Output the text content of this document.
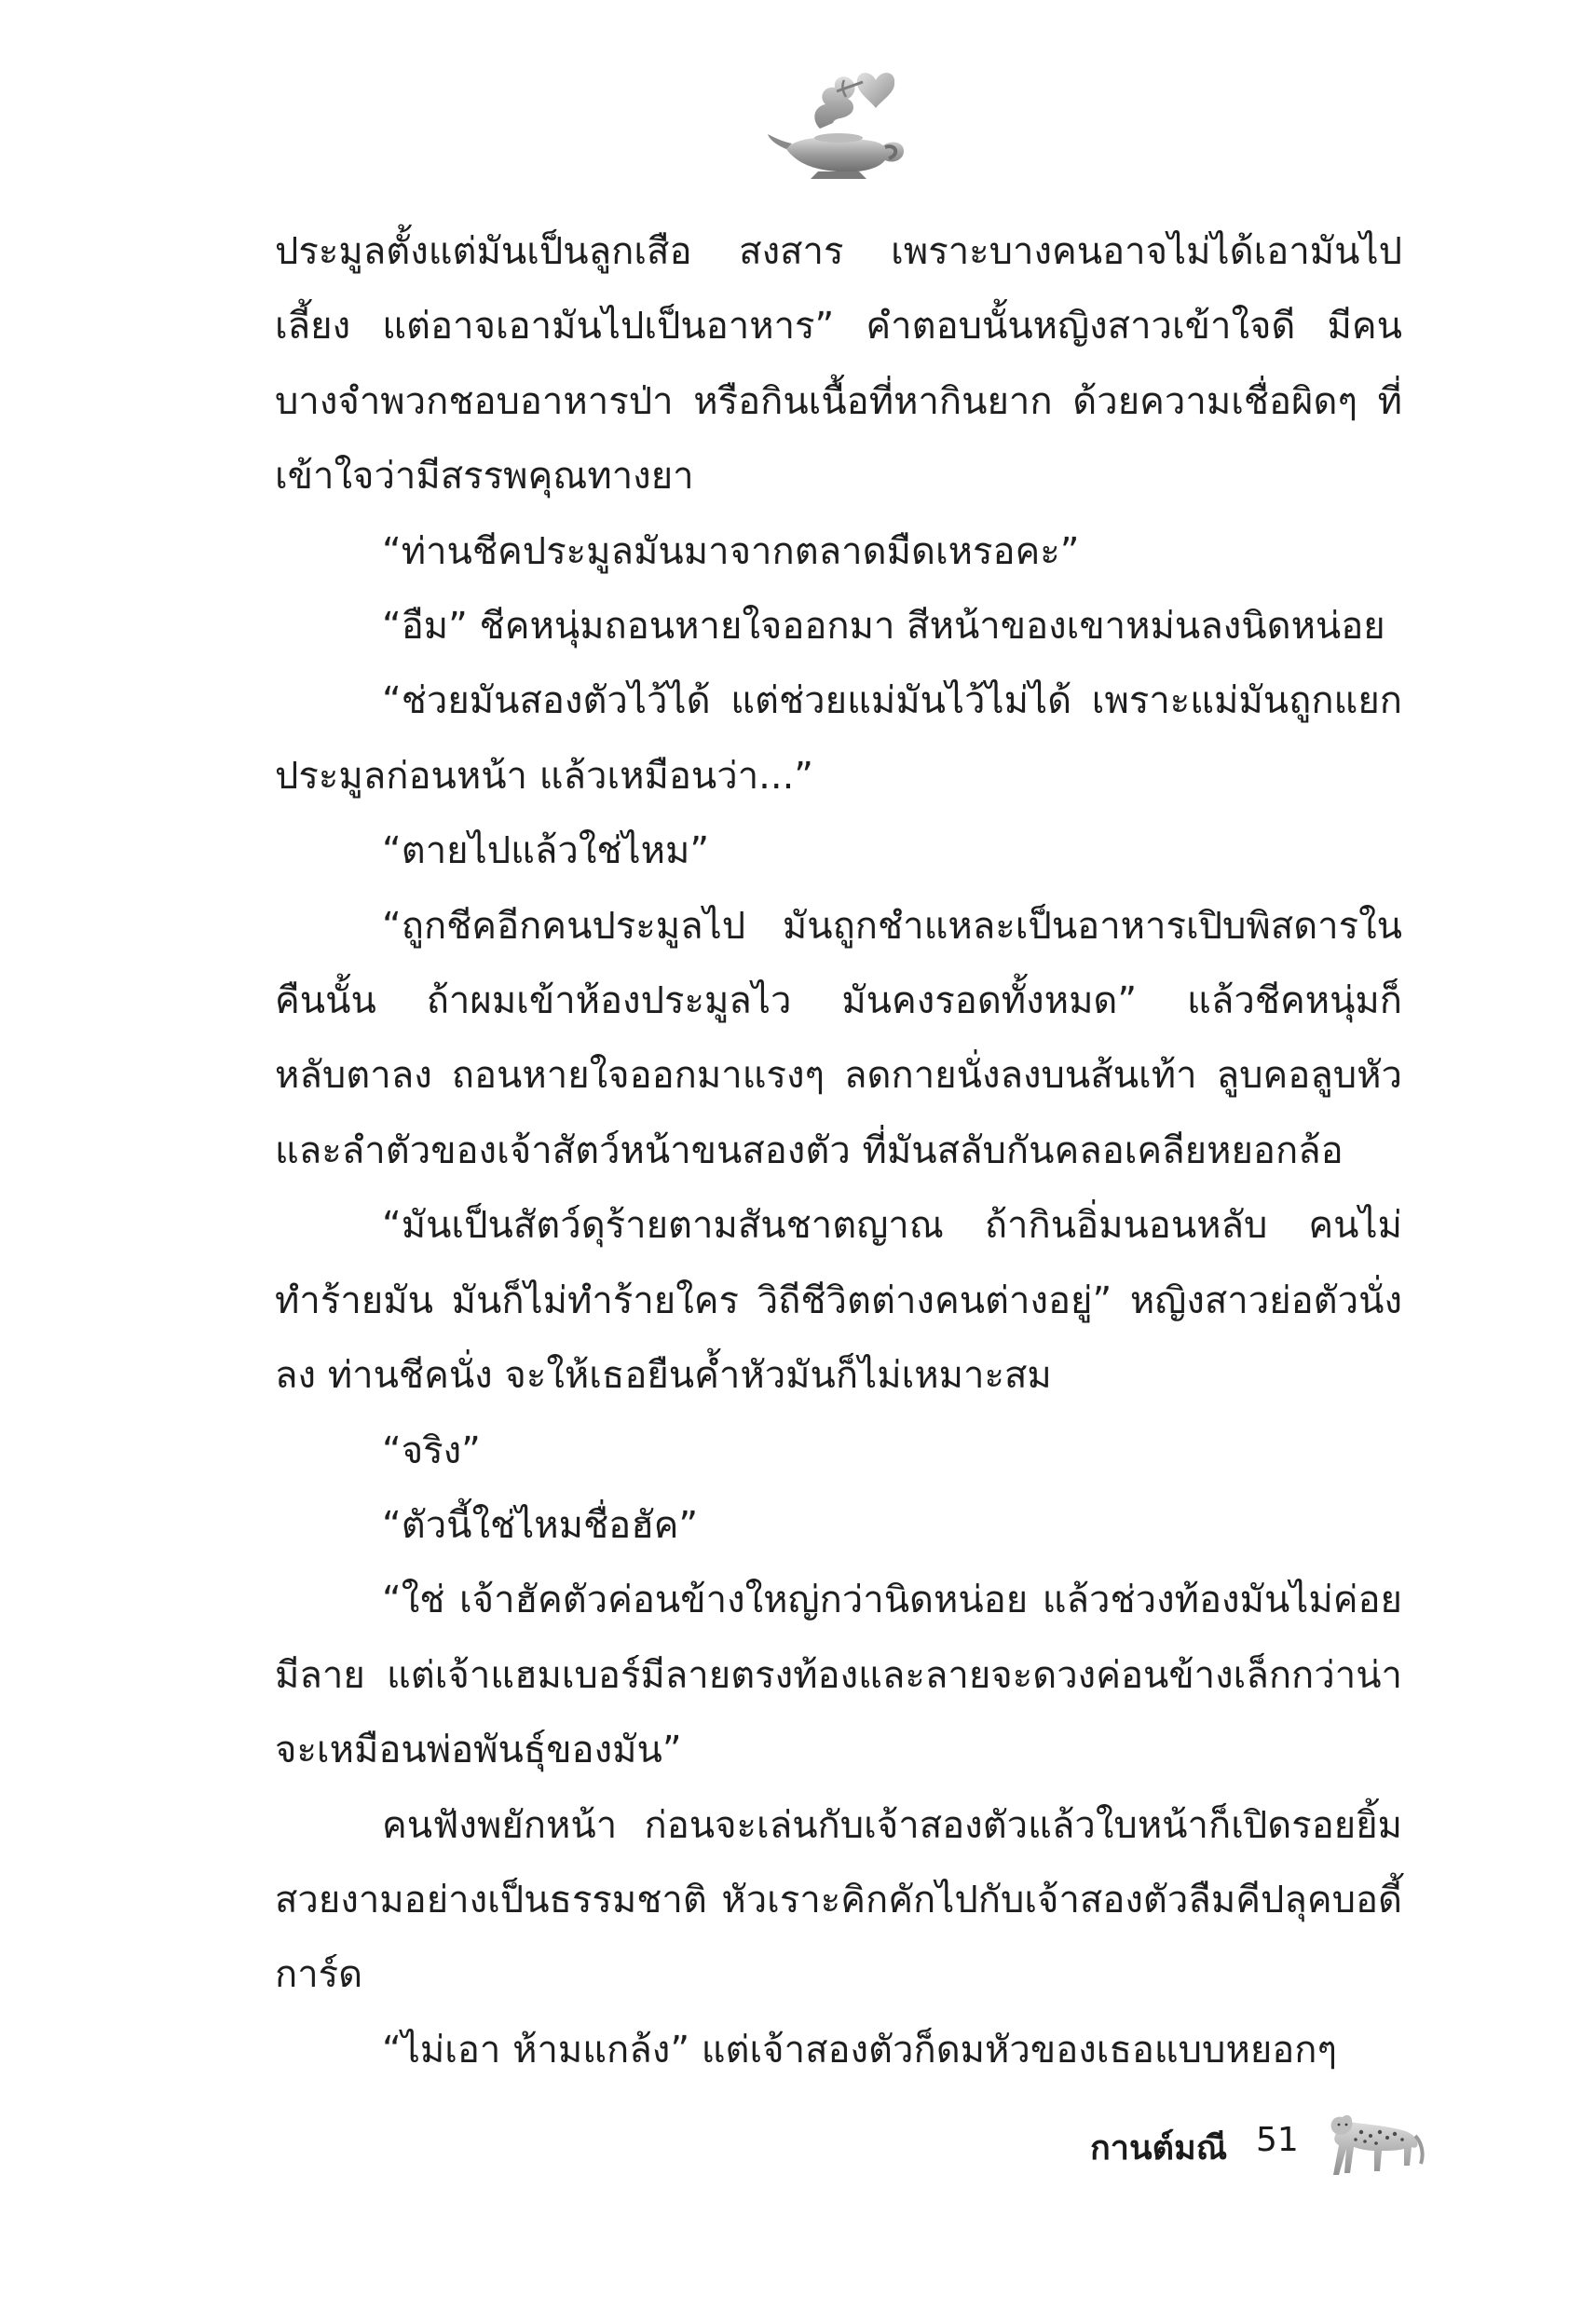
ประมูลตั้งแต่มันเป็นลูกเสือ สงสาร เพราะบางคนอาจไม่ได้เอามันไปเลี้ยง แต่อาจเอามันไปเป็นอาหาร” คำตอบนั้นหญิงสาวเข้าใจดี มีคนบางจำพวกชอบอาหารป่า หรือกินเนื้อที่หากินยาก ด้วยความเชื่อผิดๆ ที่เข้าใจว่ามีสรรพคุณทางยา

“ท่านชีคประมูลมันมาจากตลาดมืดเหรอคะ”

“อืม” ชีคหนุ่มถอนหายใจออกมา สีหน้าของเขาหม่นลงนิดหน่อย

“ช่วยมันสองตัวไว้ได้ แต่ช่วยแม่มันไว้ไม่ได้ เพราะแม่มันถูกแยกประมูลก่อนหน้า แล้วเหมือนว่า...”

“ตายไปแล้วใช่ไหม”

“ถูกชีคอีกคนประมูลไป มันถูกชำแหละเป็นอาหารเปิบพิสดารในคืนนั้น ถ้าผมเข้าห้องประมูลไว มันคงรอดทั้งหมด” แล้วชีคหนุ่มก็หลับตาลง ถอนหายใจออกมาแรงๆ ลดกายนั่งลงบนส้นเท้า ลูบคอลูบหัวและลำตัวของเจ้าสัตว์หน้าขนสองตัว ที่มันสลับกันคลอเคลียหยอกล้อ

“มันเป็นสัตว์ดุร้ายตามสันชาตญาณ ถ้ากินอิ่มนอนหลับ คนไม่ทำร้ายมัน มันก็ไม่ทำร้ายใคร วิถีชีวิตต่างคนต่างอยู่” หญิงสาวย่อตัวนั่งลง ท่านชีคนั่ง จะให้เธอยืนค้ำหัวมันก็ไม่เหมาะสม

“จริง”

“ตัวนี้ใช่ไหมชื่อฮัค”

“ใช่ เจ้าฮัคตัวค่อนข้างใหญ่กว่านิดหน่อย แล้วช่วงท้องมันไม่ค่อยมีลาย แต่เจ้าแฮมเบอร์มีลายตรงท้องและลายจะดวงค่อนข้างเล็กกว่าน่าจะเหมือนพ่อพันธุ์ของมัน”

คนฟังพยักหน้า ก่อนจะเล่นกับเจ้าสองตัวแล้วใบหน้าก็เปิดรอยยิ้มสวยงามอย่างเป็นธรรมชาติ หัวเราะคิกคักไปกับเจ้าสองตัวลืมคีปลุคบอดี้การ์ด

“ไม่เอา ห้ามแกล้ง” แต่เจ้าสองตัวก็ดมหัวของเธอแบบหยอกๆ

กานต์มณี 51
